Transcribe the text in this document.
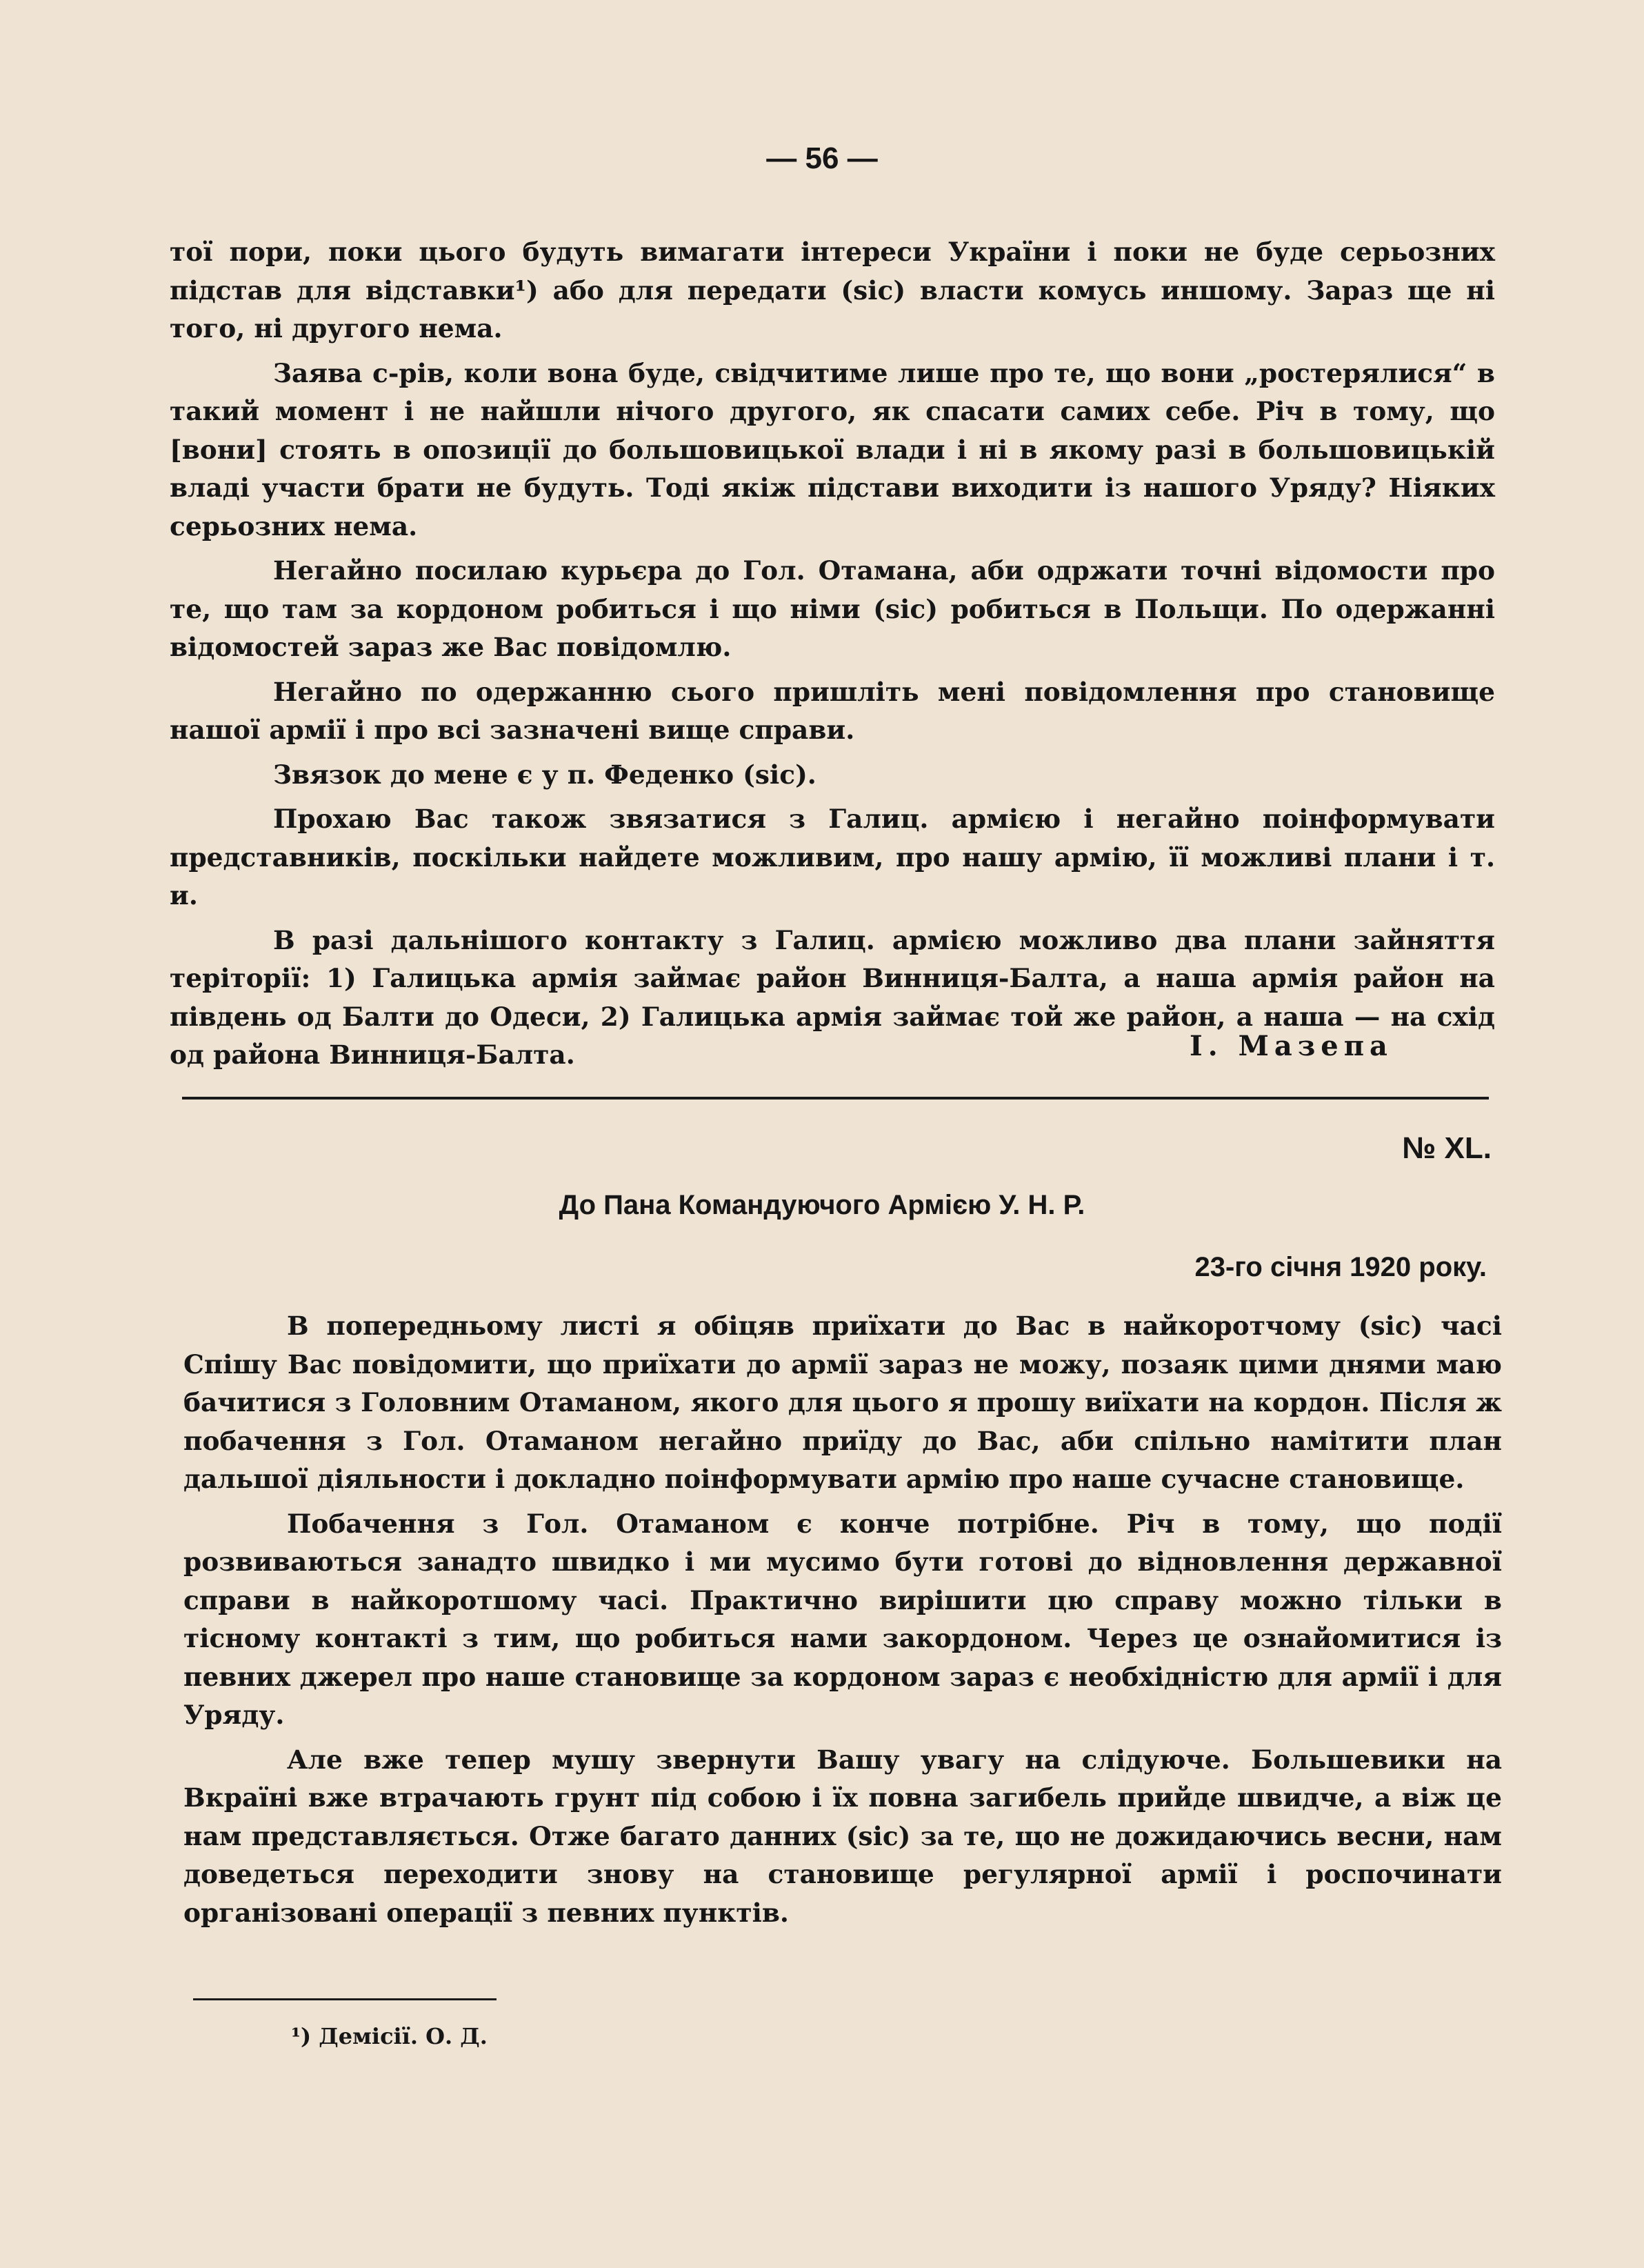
— 56 —

тої пори, поки цього будуть вимагати інтереси України і поки не буде серьозних підстав для відставки¹) або для передати (sic) власти комусь иншому. Зараз ще ні того, ні другого нема.

Заява с-рів, коли вона буде, свідчитиме лише про те, що вони „ростерялися“ в такий момент і не найшли нічого другого, як спасати самих себе. Річ в тому, що [вони] стоять в опозиції до большовицької влади і ні в якому разі в большовицькій владі участи брати не будуть. Тоді якіж підстави виходити із нашого Уряду? Ніяких серьозних нема.

Негайно посилаю курьєра до Гол. Отамана, аби одржати точні відомости про те, що там за кордоном робиться і що німи (sic) робиться в Польщи. По одержанні відомостей зараз же Вас повідомлю.

Негайно по одержанню сього пришліть мені повідомлення про становище нашої армії і про всі зазначені вище справи.

Звязок до мене є у п. Феденко (sic).

Прохаю Вас також звязатися з Галиц. армією і негайно поінформувати представників, поскільки найдете можливим, про нашу армію, її можливі плани і т. и.

В разі дальнішого контакту з Галиц. армією можливо два плани зайняття теріторії: 1) Галицька армія займає район Винниця-Балта, а наша армія район на південь од Балти до Одеси, 2) Галицька армія займає той же район, а наша — на схід од района Винниця-Балта.	І. Мазепа
№ XL.
До Пана Командуючого Армією У. Н. Р.
23-го січня 1920 року.

В попередньому листі я обіцяв приїхати до Вас в найкоротчому (sic) часі Спішу Вас повідомити, що приїхати до армії зараз не можу, позаяк цими днями маю бачитися з Головним Отаманом, якого для цього я прошу виїхати на кордон. Після ж побачення з Гол. Отаманом негайно приїду до Вас, аби спільно намітити план дальшої діяльности і докладно поінформувати армію про наше сучасне становище.

Побачення з Гол. Отаманом є конче потрібне. Річ в тому, що події розвиваються занадто швидко і ми мусимо бути готові до відновлення державної справи в найкоротшому часі. Практично вирішити цю справу можно тільки в тісному контакті з тим, що робиться нами закордоном. Через це ознайомитися із певних джерел про наше становище за кордоном зараз є необхідністю для армії і для Уряду.

Але вже тепер мушу звернути Вашу увагу на слідуюче. Большевики на Вкраїні вже втрачають грунт під собою і їх повна загибель прийде швидче, а віж це нам представляється. Отже багато данних (sic) за те, що не дожидаючись весни, нам доведеться переходити знову на становище регулярної армії і роспочинати організовані операції з певних пунктів.

¹) Демісії. О. Д.
